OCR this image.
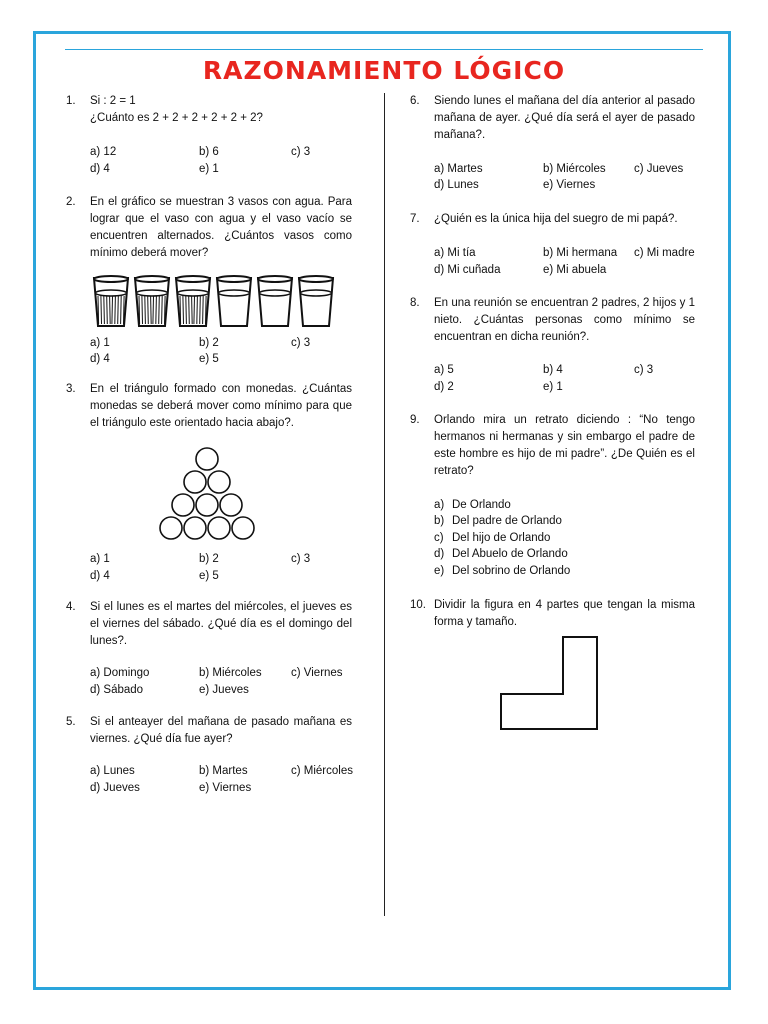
RAZONAMIENTO LÓGICO
1. Si : 2 = 1
¿Cuánto es 2 + 2 + 2 + 2 + 2 + 2?
a) 12	b) 6	c) 3
d) 4	e) 1
2. En el gráfico se muestran 3 vasos con agua. Para lograr que el vaso con agua y el vaso vacío se encuentren alternados. ¿Cuántos vasos como mínimo deberá mover?
a) 1	b) 2	c) 3
d) 4	e) 5
3. En el triángulo formado con monedas. ¿Cuántas monedas se deberá mover como mínimo para que el triángulo este orientado hacia abajo?.
a) 1	b) 2	c) 3
d) 4	e) 5
4. Si el lunes es el martes del miércoles, el jueves es el viernes del sábado. ¿Qué día es el domingo del lunes?.
a) Domingo	b) Miércoles	c) Viernes
d) Sábado	e) Jueves
5. Si el anteayer del mañana de pasado mañana es viernes. ¿Qué día fue ayer?
a) Lunes	b) Martes	c) Miércoles
d) Jueves	e) Viernes
6. Siendo lunes el mañana del día anterior al pasado mañana de ayer. ¿Qué día será el ayer de pasado mañana?.
a) Martes	b) Miércoles c) Jueves
d) Lunes	e) Viernes
7. ¿Quién es la única hija del suegro de mi papá?.
a) Mi tía	b) Mi hermana c) Mi madre
d) Mi cuñada	e) Mi abuela
8. En una reunión se encuentran 2 padres, 2 hijos y 1 nieto. ¿Cuántas personas como mínimo se encuentran en dicha reunión?.
a) 5	b) 4	c) 3
d) 2	e) 1
9. Orlando mira un retrato diciendo : “No tengo hermanos ni hermanas y sin embargo el padre de este hombre es hijo de mi padre”. ¿De Quién es el retrato?
a) De Orlando
b) Del padre de Orlando
c) Del hijo de Orlando
d) Del Abuelo de Orlando
e) Del sobrino de Orlando
10. Dividir la figura en 4 partes que tengan la misma forma y tamaño.
